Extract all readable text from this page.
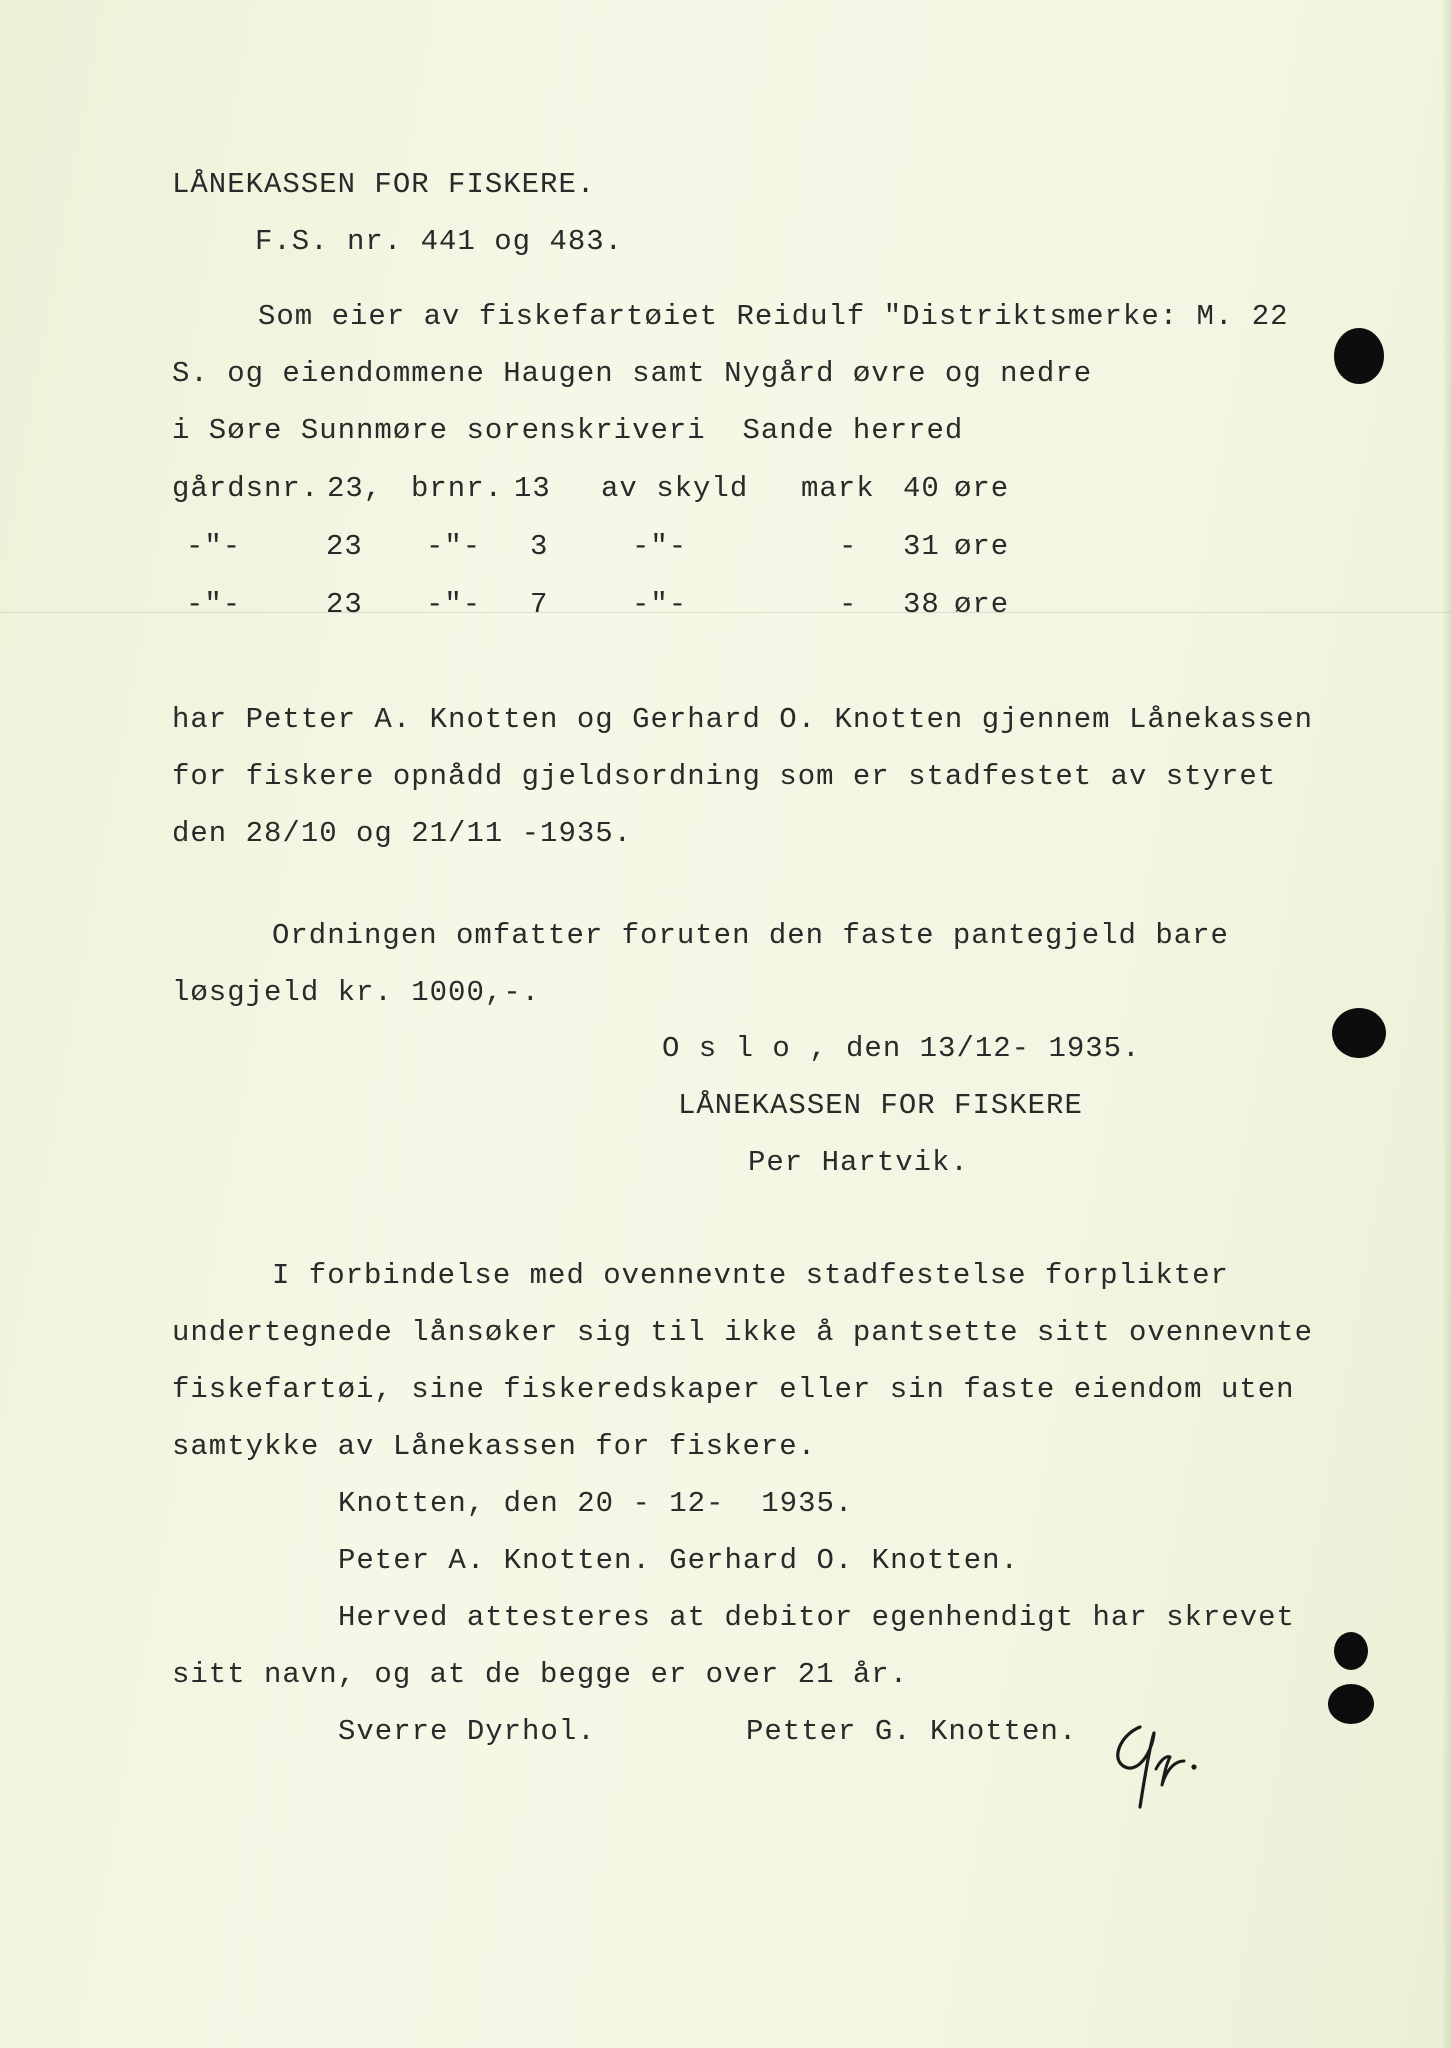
LÅNEKASSEN FOR FISKERE.
F.S. nr. 441 og 483.
Som eier av fiskefartøiet Reidulf "Distriktsmerke: M. 22
S. og eiendommene Haugen samt Nygård øvre og nedre
i Søre Sunnmøre sorenskriveri  Sande herred
gårdsnr. 23, brnr. 13 av skyld mark 40 øre
-"-	23 -"- 3	-"-	- 31 øre
-"-	23 -"- 7	-"-	- 38 øre
har Petter A. Knotten og Gerhard O. Knotten gjennem Lånekassen
for fiskere opnådd gjeldsordning som er stadfestet av styret
den 28/10 og 21/11 -1935.
Ordningen omfatter foruten den faste pantegjeld bare
løsgjeld kr. 1000,-.
O s l o , den 13/12- 1935.
LÅNEKASSEN FOR FISKERE
Per Hartvik.
I forbindelse med ovennevnte stadfestelse forplikter
undertegnede lånsøker sig til ikke å pantsette sitt ovennevnte
fiskefartøi, sine fiskeredskaper eller sin faste eiendom uten
samtykke av Lånekassen for fiskere.
Knotten, den 20 - 12-  1935.
Peter A. Knotten. Gerhard O. Knotten.
Herved attesteres at debitor egenhendigt har skrevet
sitt navn, og at de begge er over 21 år.
Sverre Dyrhol.	Petter G. Knotten.
